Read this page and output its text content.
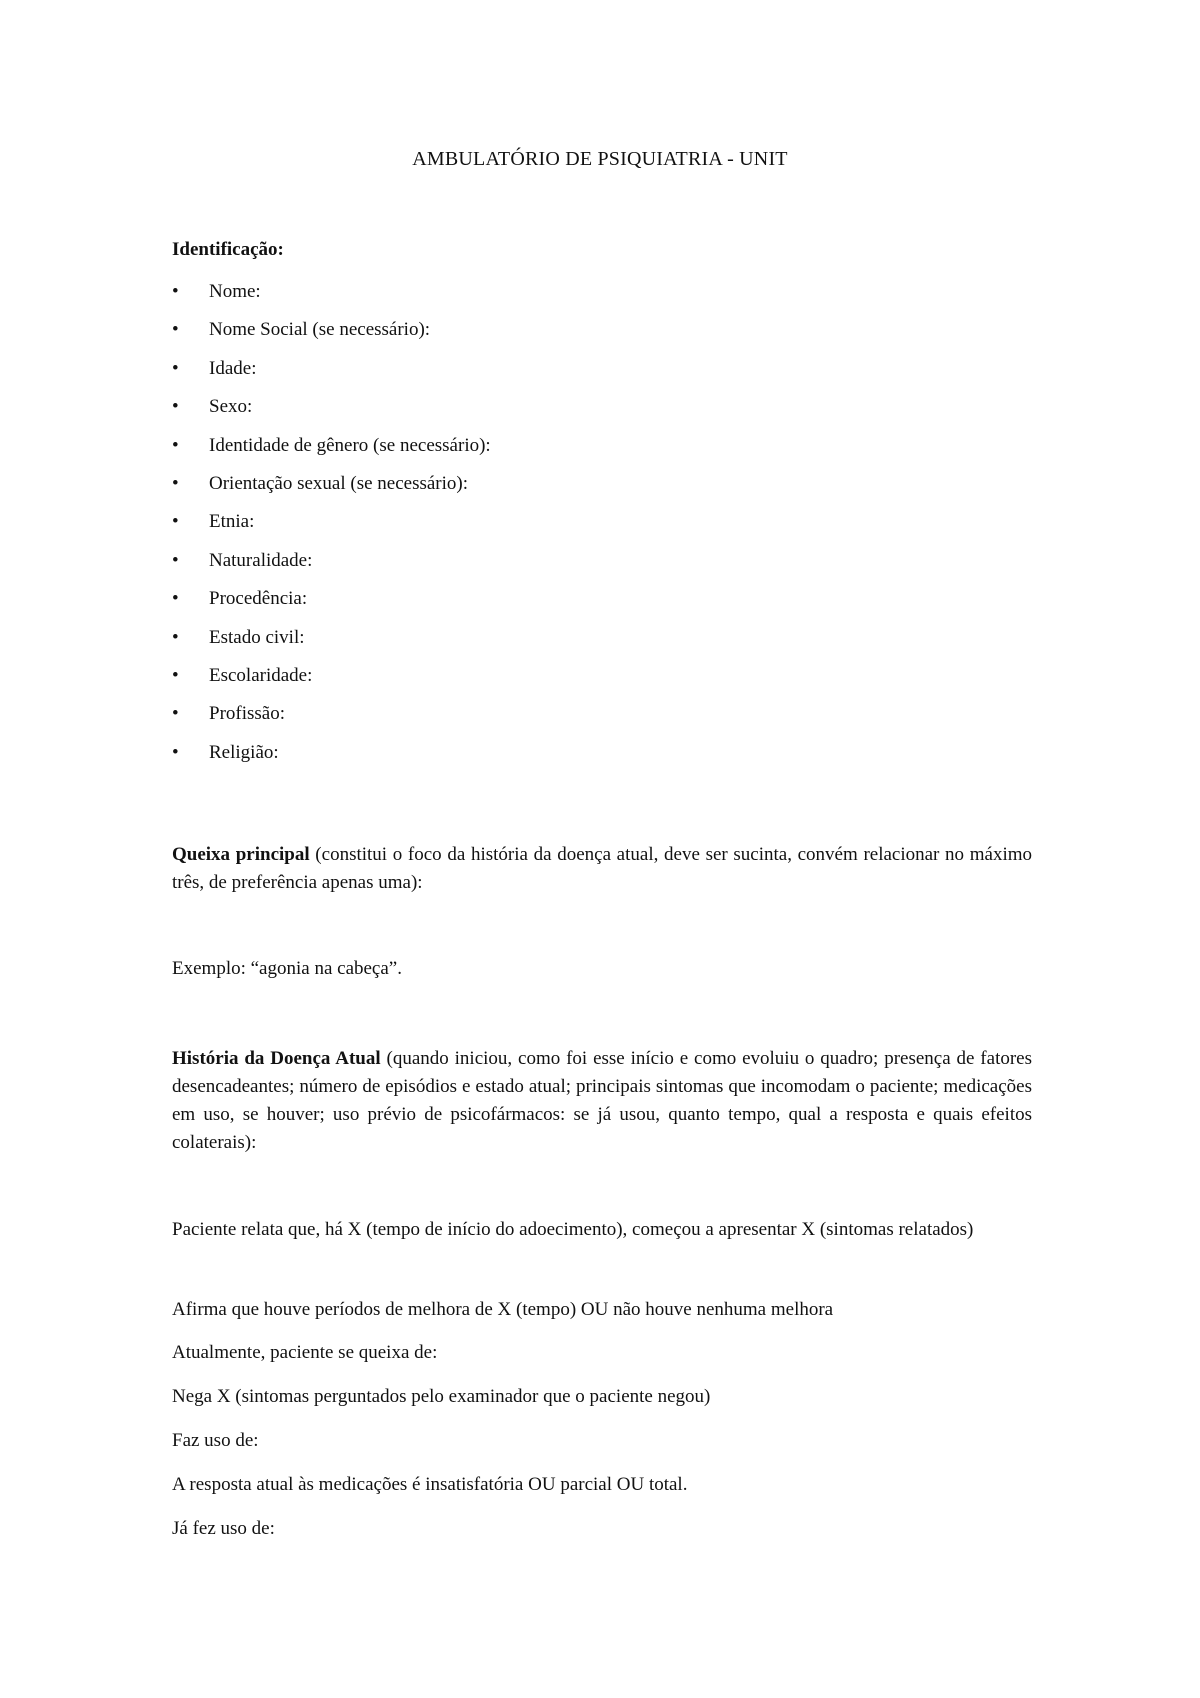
AMBULATÓRIO DE PSIQUIATRIA - UNIT

Identificação:

•	Nome:
•	Nome Social (se necessário):
•	Idade:
•	Sexo:
•	Identidade de gênero (se necessário):
•	Orientação sexual (se necessário):
•	Etnia:
•	Naturalidade:
•	Procedência:
•	Estado civil:
•	Escolaridade:
•	Profissão:
•	Religião:

Queixa principal (constitui o foco da história da doença atual, deve ser sucinta, convém relacionar no máximo três, de preferência apenas uma):

Exemplo: “agonia na cabeça”.

História da Doença Atual (quando iniciou, como foi esse início e como evoluiu o quadro; presença de fatores desencadeantes; número de episódios e estado atual; principais sintomas que incomodam o paciente; medicações em uso, se houver; uso prévio de psicofármacos: se já usou, quanto tempo, qual a resposta e quais efeitos colaterais):

Paciente relata que, há X (tempo de início do adoecimento), começou a apresentar X (sintomas relatados)

Afirma que houve períodos de melhora de X (tempo) OU não houve nenhuma melhora

Atualmente, paciente se queixa de:

Nega X (sintomas perguntados pelo examinador que o paciente negou)

Faz uso de:

A resposta atual às medicações é insatisfatória OU parcial OU total.

Já fez uso de:
